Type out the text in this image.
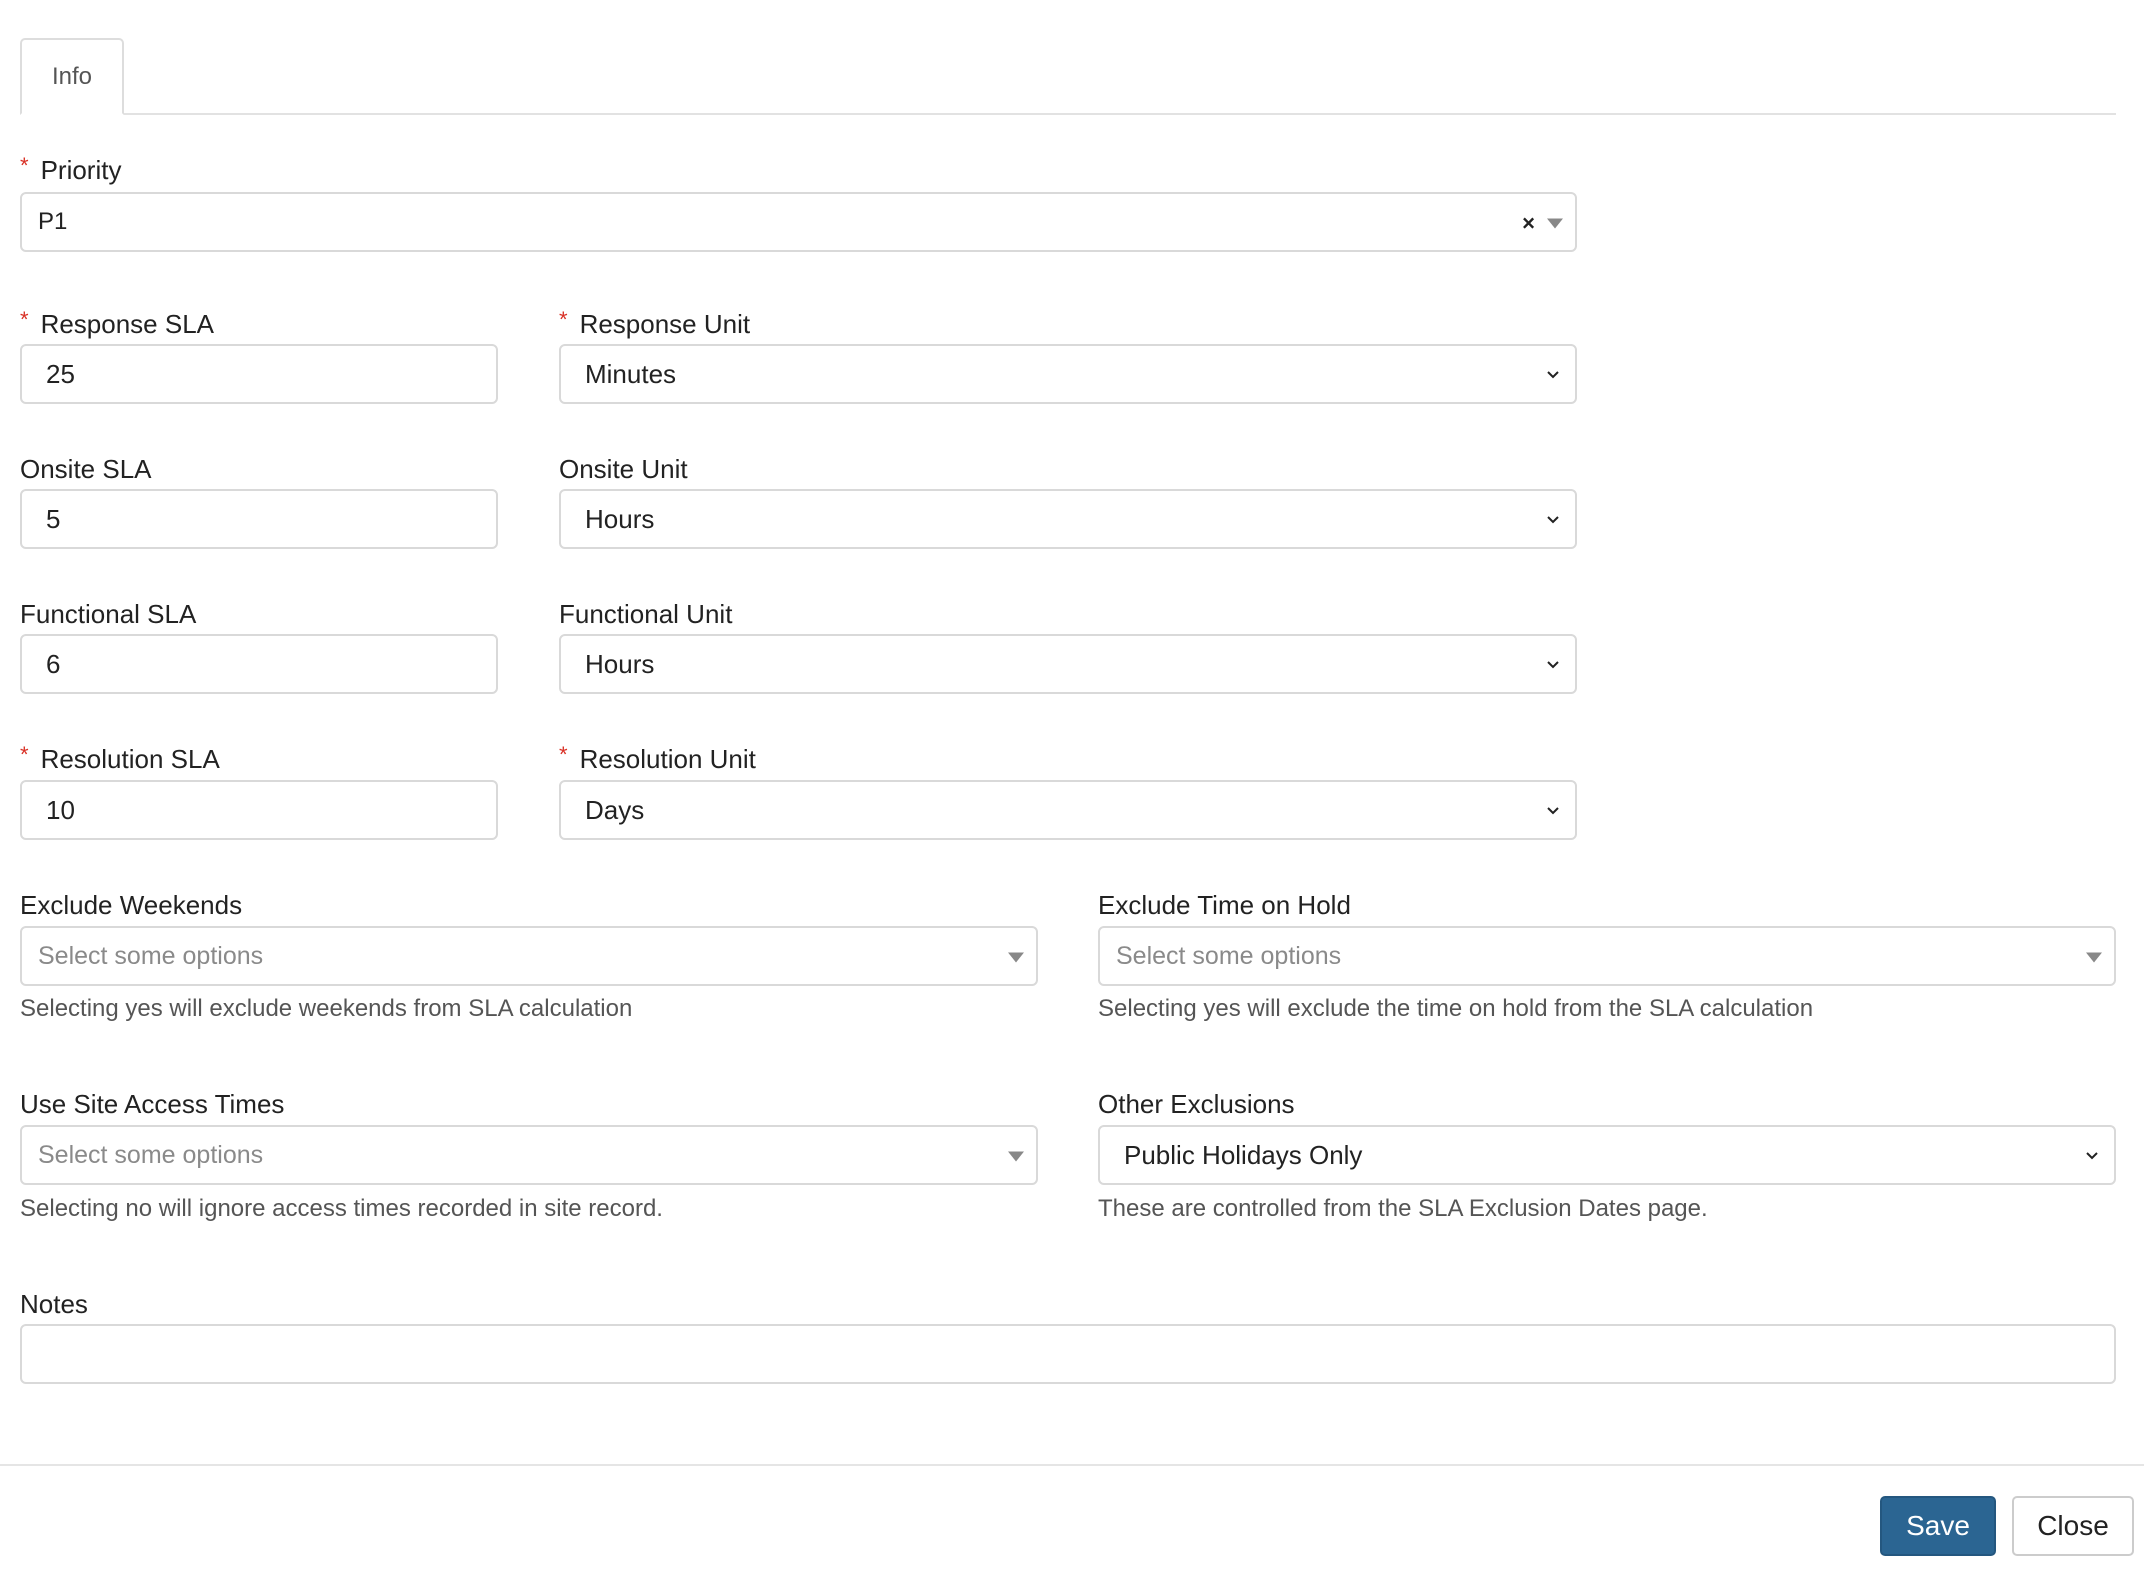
Info
* Priority
P1	×
* Response SLA
25
* Response Unit
Minutes
Onsite SLA
5
Onsite Unit
Hours
Functional SLA
6
Functional Unit
Hours
* Resolution SLA
10
* Resolution Unit
Days
Exclude Weekends
Select some options
Selecting yes will exclude weekends from SLA calculation
Exclude Time on Hold
Select some options
Selecting yes will exclude the time on hold from the SLA calculation
Use Site Access Times
Select some options
Selecting no will ignore access times recorded in site record.
Other Exclusions
Public Holidays Only
These are controlled from the SLA Exclusion Dates page.
Notes
Save Close
